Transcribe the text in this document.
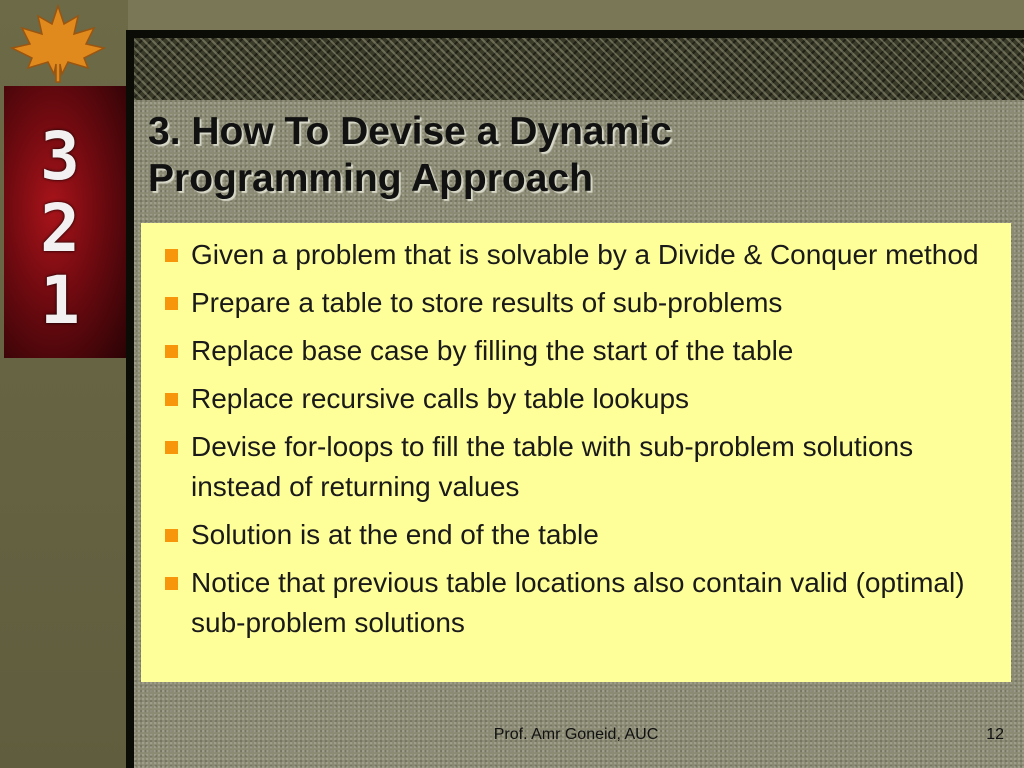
3
2
1
3. How To Devise a Dynamic
Programming Approach
Given a problem that is solvable by a Divide & Conquer method
Prepare a table to store results of sub-problems
Replace base case by filling the start of the table
Replace recursive calls by table lookups
Devise for-loops to fill the table with sub-problem solutions instead of returning values
Solution is at the end of the table
Notice that previous table locations also contain valid (optimal) sub-problem solutions
Prof. Amr Goneid, AUC	12
